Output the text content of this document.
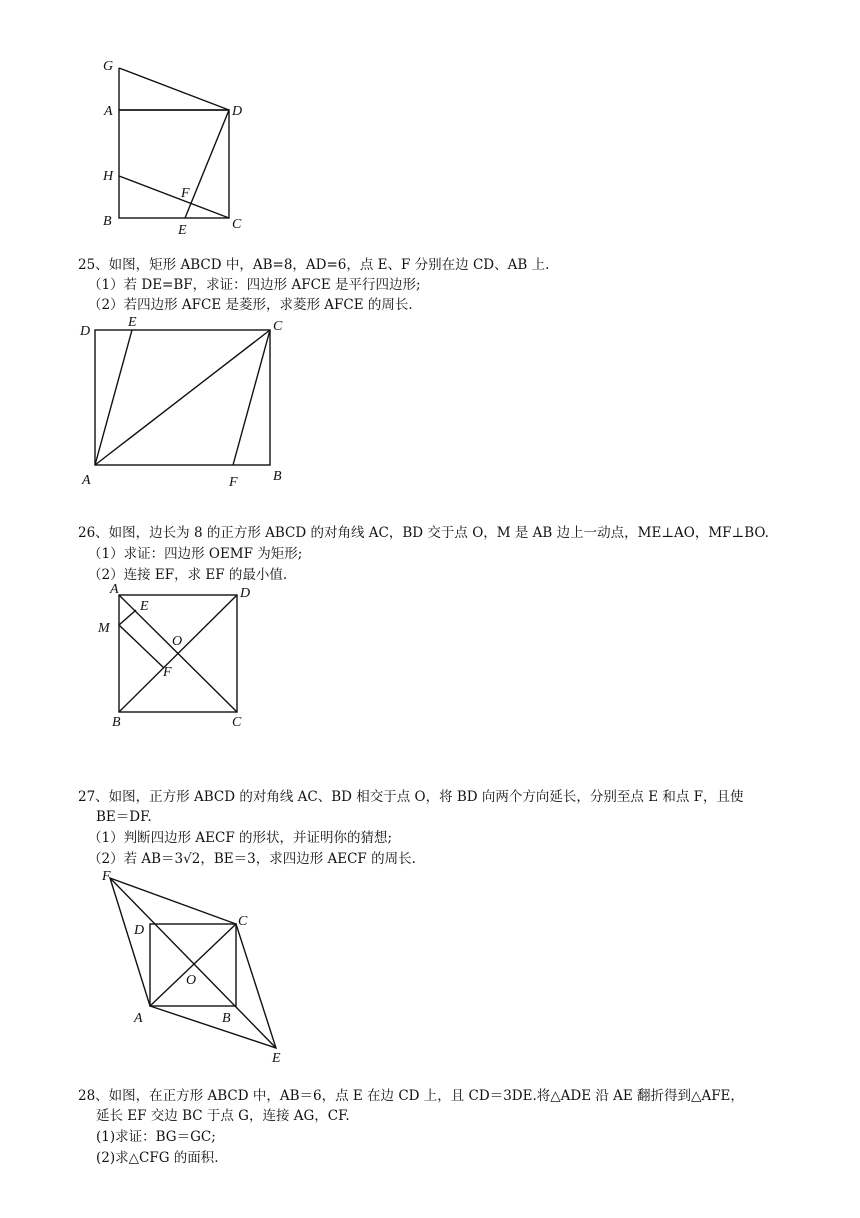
G
A	D
H
F
B
E	C
25、如图，矩形 ABCD 中，AB=8，AD=6，点 E、F 分别在边 CD、AB 上.
（1）若 DE=BF，求证：四边形 AFCE 是平行四边形;
（2）若四边形 AFCE 是菱形，求菱形 AFCE 的周长.
D
E	C
A	F	B
26、如图，边长为 8 的正方形 ABCD 的对角线 AC，BD 交于点 O，M 是 AB 边上一动点，ME⊥AO，MF⊥BO.
（1）求证：四边形 OEMF 为矩形;
（2）连接 EF，求 EF 的最小值.
A
E
D
M
O
F
B	C
27、如图，正方形 ABCD 的对角线 AC、BD 相交于点 O，将 BD 向两个方向延长，分别至点 E 和点 F，且使
BE＝DF.
（1）判断四边形 AECF 的形状，并证明你的猜想;
（2）若 AB＝3√2，BE＝3，求四边形 AECF 的周长.
F
D
C
O
A	B
E
28、如图，在正方形 ABCD 中，AB＝6，点 E 在边 CD 上，且 CD＝3DE.将△ADE 沿 AE 翻折得到△AFE，
延长 EF 交边 BC 于点 G，连接 AG，CF.
(1)求证：BG＝GC;
(2)求△CFG 的面积.
